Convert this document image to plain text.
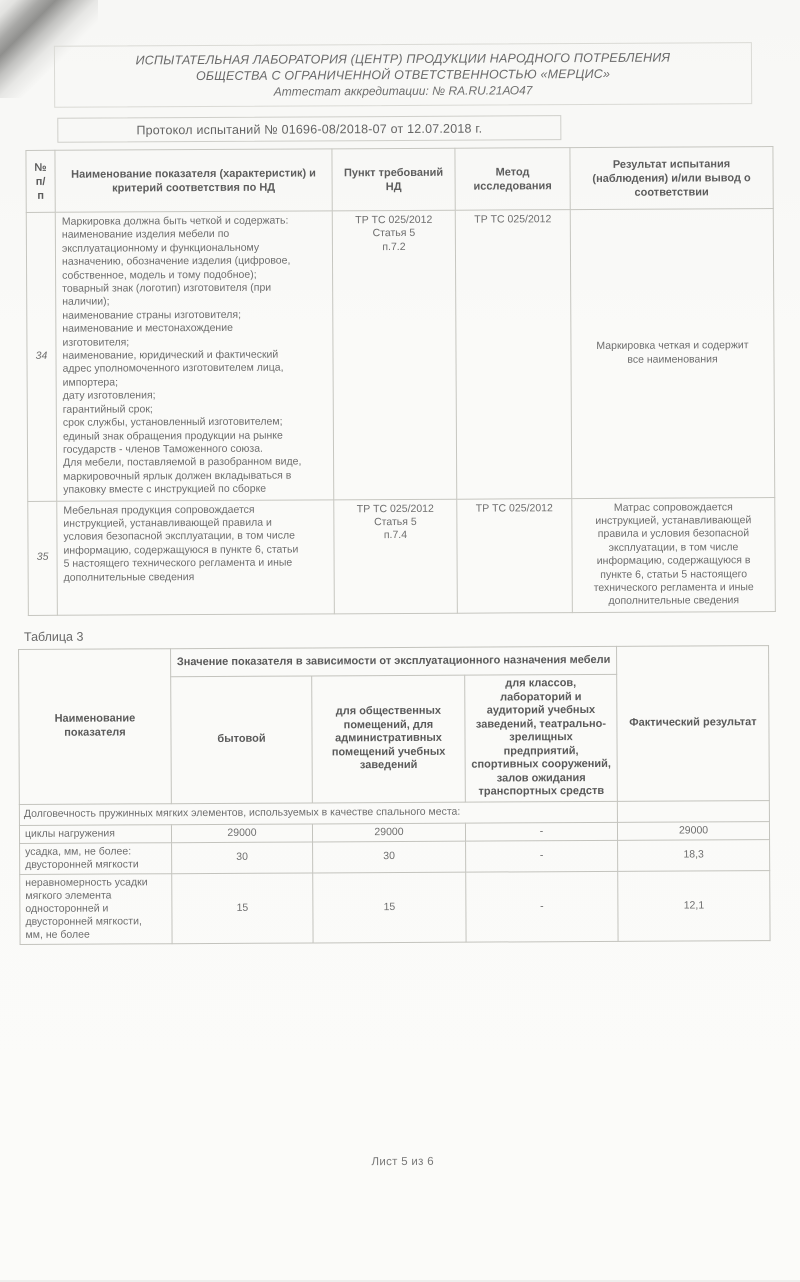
ИСПЫТАТЕЛЬНАЯ ЛАБОРАТОРИЯ (ЦЕНТР) ПРОДУКЦИИ НАРОДНОГО ПОТРЕБЛЕНИЯ
ОБЩЕСТВА С ОГРАНИЧЕННОЙ ОТВЕТСТВЕННОСТЬЮ «МЕРЦИС»
Аттестат аккредитации: № RA.RU.21АО47
Протокол испытаний № 01696-08/2018-07 от 12.07.2018 г.
№ п/п	Наименование показателя (характеристик) и критерий соответствия по НД	Пункт требований НД	Метод исследования	Результат испытания (наблюдения) и/или вывод о соответствии
34	Маркировка должна быть четкой и содержать:
наименование изделия мебели по
эксплуатационному и функциональному
назначению, обозначение изделия (цифровое,
собственное, модель и тому подобное);
товарный знак (логотип) изготовителя (при
наличии);
наименование страны изготовителя;
наименование и местонахождение
изготовителя;
наименование, юридический и фактический
адрес уполномоченного изготовителем лица,
импортера;
дату изготовления;
гарантийный срок;
срок службы, установленный изготовителем;
единый знак обращения продукции на рынке
государств - членов Таможенного союза.
Для мебели, поставляемой в разобранном виде,
маркировочный ярлык должен вкладываться в
упаковку вместе с инструкцией по сборке	ТР ТС 025/2012
Статья 5
п.7.2	ТР ТС 025/2012	Маркировка четкая и содержит
все наименования
35	Мебельная продукция сопровождается
инструкцией, устанавливающей правила и
условия безопасной эксплуатации, в том числе
информацию, содержащуюся в пункте 6, статьи
5 настоящего технического регламента и иные
дополнительные сведения	ТР ТС 025/2012
Статья 5
п.7.4	ТР ТС 025/2012	Матрас сопровождается
инструкцией, устанавливающей
правила и условия безопасной
эксплуатации, в том числе
информацию, содержащуюся в
пункте 6, статьи 5 настоящего
технического регламента и иные
дополнительные сведения
Таблица 3
Наименование показателя	Значение показателя в зависимости от эксплуатационного назначения мебели			Фактический результат
	бытовой	для общественных помещений, для административных помещений учебных заведений	для классов, лабораторий и аудиторий учебных заведений, театрально-зрелищных предприятий, спортивных сооружений, залов ожидания транспортных средств	
Долговечность пружинных мягких элементов, используемых в качестве спального места:				
циклы нагружения	29000	29000	-	29000
усадка, мм, не более:
двусторонней мягкости	30	30	-	18,3
неравномерность усадки
мягкого элемента
односторонней и
двусторонней мягкости,
мм, не более	15	15	-	12,1
Лист 5 из 6
